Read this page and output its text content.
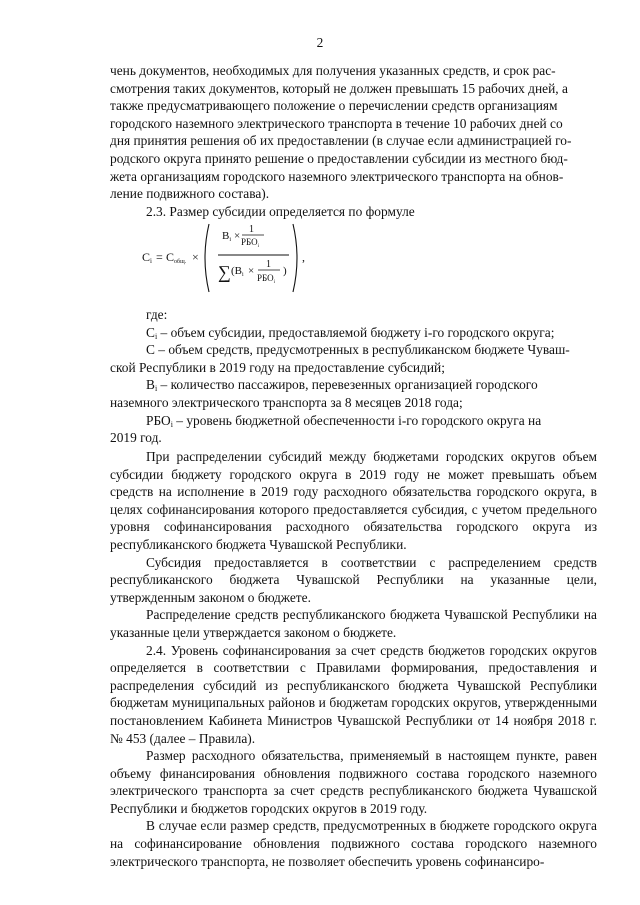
2

чень документов, необходимых для получения указанных средств, и срок рас-

смотрения таких документов, который не должен превышать 15 рабочих дней, а

также предусматривающего положение о перечислении средств организациям

городского наземного электрического транспорта в течение 10 рабочих дней со

дня принятия решения об их предоставлении (в случае если администрацией го-

родского округа принято решение о предоставлении субсидии из местного бюд-

жета организациям городского наземного электрического транспорта на обнов-

ление подвижного состава).

2.3. Размер субсидии определяется по формуле

Ci = Cобщ. ×
Bi ×
1
$РБО_i$
∑ (Bi ×
1
$РБО_i$
)
,

где:

$C_i$ – объем субсидии, предоставляемой бюджету i-го городского округа;

С – объем средств, предусмотренных в республиканском бюджете Чуваш-

ской Республики в 2019 году на предоставление субсидий;

$B_i$ – количество пассажиров, перевезенных организацией городского

наземного электрического транспорта за 8 месяцев 2018 года;

$РБО_i$ – уровень бюджетной обеспеченности i-го городского округа на

2019 год.

При распределении субсидий между бюджетами городских округов объем субсидии бюджету городского округа в 2019 году не может превышать объем средств на исполнение в 2019 году расходного обязательства городского округа, в целях софинансирования которого предоставляется субсидия, с учетом предельного уровня софинансирования расходного обязательства городского округа из республиканского бюджета Чувашской Республики.

Субсидия предоставляется в соответствии с распределением средств республиканского бюджета Чувашской Республики на указанные цели, утвержденным законом о бюджете.

Распределение средств республиканского бюджета Чувашской Республики на указанные цели утверждается законом о бюджете.

2.4. Уровень софинансирования за счет средств бюджетов городских округов определяется в соответствии с Правилами формирования, предоставления и распределения субсидий из республиканского бюджета Чувашской Республики бюджетам муниципальных районов и бюджетам городских округов, утвержденными постановлением Кабинета Министров Чувашской Республики от 14 ноября 2018 г. № 453 (далее – Правила).

Размер расходного обязательства, применяемый в настоящем пункте, равен объему финансирования обновления подвижного состава городского наземного электрического транспорта за счет средств республиканского бюджета Чувашской Республики и бюджетов городских округов в 2019 году.

В случае если размер средств, предусмотренных в бюджете городского округа на софинансирование обновления подвижного состава городского наземного электрического транспорта, не позволяет обеспечить уровень софинансиро-
